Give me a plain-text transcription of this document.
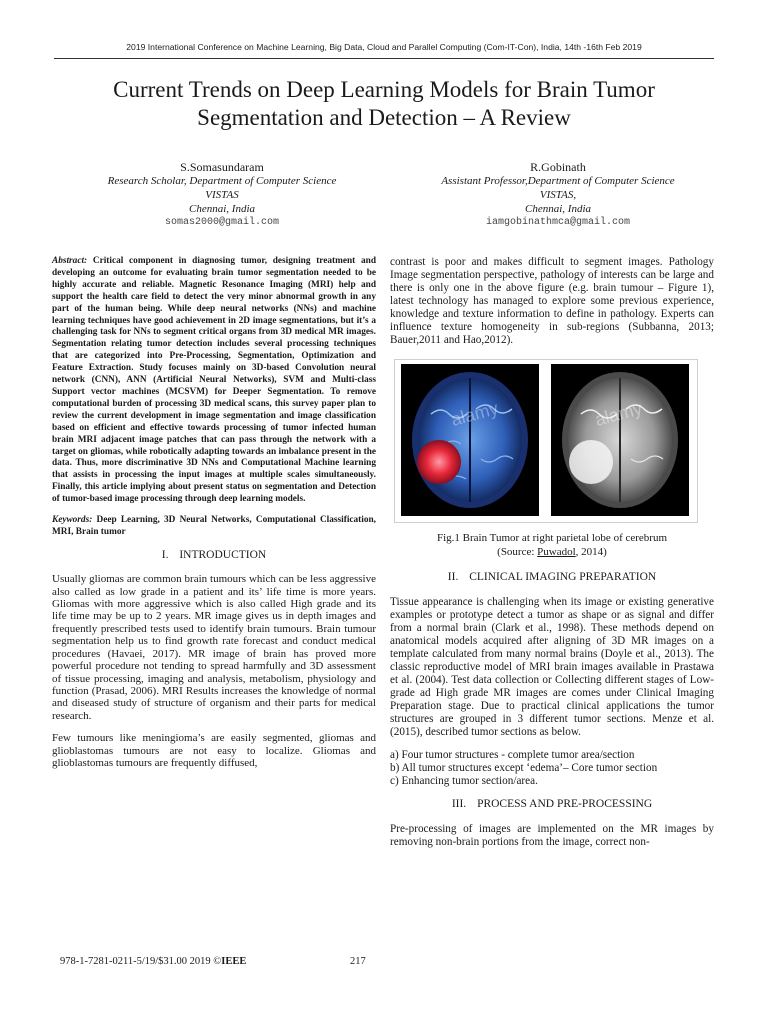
2019 International Conference on Machine Learning, Big Data, Cloud and Parallel Computing (Com-IT-Con), India, 14th -16th Feb 2019
Current Trends on Deep Learning Models for Brain Tumor
Segmentation and Detection – A Review
S.Somasundaram
Research Scholar, Department of Computer Science
VISTAS
Chennai, India
somas2000@gmail.com
R.Gobinath
Assistant Professor,Department of Computer Science
VISTAS,
Chennai, India
iamgobinathmca@gmail.com

Abstract: Critical component in diagnosing tumor, designing treatment and developing an outcome for evaluating brain tumor segmentation needed to be highly accurate and reliable. Magnetic Resonance Imaging (MRI) help and support the health care field to detect the very minor abnormal growth in any part of the human being. While deep neural networks (NNs) and machine learning techniques have good achievement in 2D image segmentations, but it’s a challenging task for NNs to segment critical organs from 3D medical MR images. Segmentation relating tumor detection includes several processing techniques that are categorized into Pre-Processing, Segmentation, Optimization and Feature Extraction. Study focuses mainly on 3D-based Convolution neural network (CNN), ANN (Artificial Neural Networks), SVM and Multi-class Support vector machines (MCSVM) for Deeper Segmentation. To remove computational burden of processing 3D medical scans, this survey paper plan to review the current development in image segmentation and image classification based on efficient and effective towards processing of tumor infected human brain MRI adjacent image patches that can pass through the network with a target on gliomas, while robotically adapting towards an imbalance present in the data. Thus, more discriminative 3D NNs and Computational Machine learning that assists in processing the input images at multiple scales simultaneously. Finally, this article implying about present status on segmentation and Detection of tumor-based image processing through deep learning models.

Keywords: Deep Learning, 3D Neural Networks, Computational Classification, MRI, Brain tumor

I. INTRODUCTION

Usually gliomas are common brain tumours which can be less aggressive also called as low grade in a patient and its’ life time is more years. Gliomas with more aggressive which is also called High grade and its life time may be up to 2 years. MR image gives us in depth images and frequently prescribed tests used to identify brain tumours. Brain tumour segmentation help us to find growth rate forecast and conduct medical procedures (Havaei, 2017). MR image of brain has proved more powerful procedure not tending to spread harmfully and 3D assessment of tissue processing, imaging and analysis, metabolism, physiology and function (Prasad, 2006). MRI Results increases the knowledge of normal and diseased study of structure of organism and their parts for medical research.

Few tumours like meningioma’s are easily segmented, gliomas and glioblastomas tumours are not easy to localize. Gliomas and glioblastomas tumours are frequently diffused,

contrast is poor and makes difficult to segment images. Pathology Image segmentation perspective, pathology of interests can be large and there is only one in the above figure (e.g. brain tumour – Figure 1), latest technology has managed to explore some previous experience, knowledge and texture information to define in pathology. Experts can influence texture homogeneity in sub-regions (Subbanna, 2013; Bauer,2011 and Hao,2012).

alamy	alamy
Fig.1 Brain Tumor at right parietal lobe of cerebrum
(Source: Puwadol, 2014)
II. CLINICAL IMAGING PREPARATION

Tissue appearance is challenging when its image or existing generative examples or prototype detect a tumor as shape or as signal and differ from a normal brain (Clark et al., 1998). These methods depend on anatomical models acquired after aligning of 3D MR images on a template calculated from many normal brains (Doyle et al., 2013). The classic reproductive model of MRI brain images available in Prastawa et al. (2004). Test data collection or Collecting different stages of Low-grade ad High grade MR images are comes under Clinical Imaging Preparation stage. Due to practical clinical applications the tumor structures are grouped in 3 different tumor sections. Menze et al. (2015), described tumor sections as below.

a) Four tumor structures - complete tumor area/section

b) All tumor structures except ‘edema’– Core tumor section

c) Enhancing tumor section/area.

III. PROCESS AND PRE-PROCESSING

Pre-processing of images are implemented on the MR images by removing non-brain portions from the image, correct non-

978-1-7281-0211-5/19/$31.00 2019 ©IEEE	217
